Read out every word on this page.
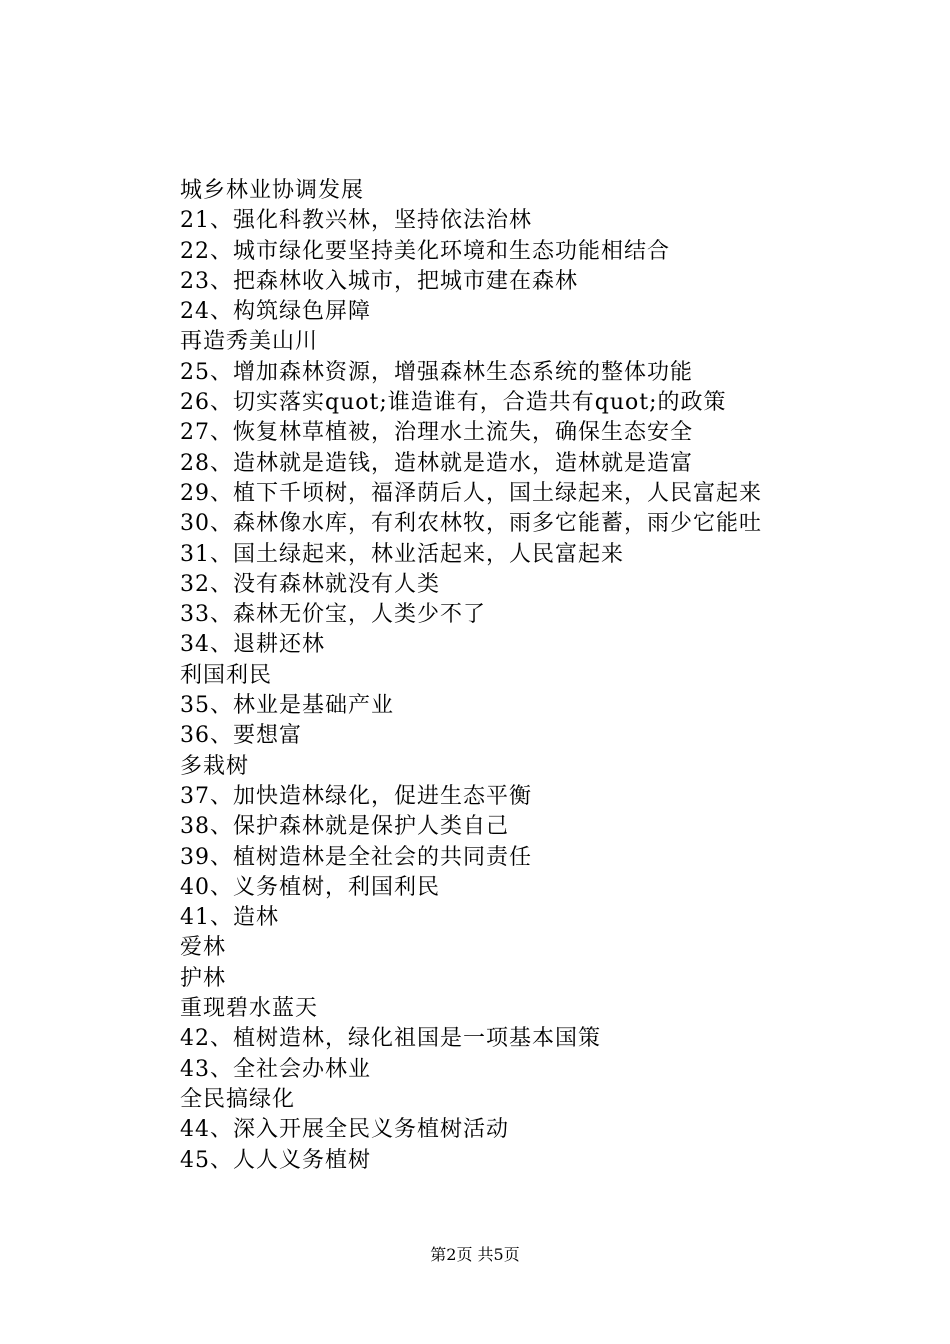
城乡林业协调发展
21、强化科教兴林，坚持依法治林
22、城市绿化要坚持美化环境和生态功能相结合
23、把森林收入城市，把城市建在森林
24、构筑绿色屏障
再造秀美山川
25、增加森林资源，增强森林生态系统的整体功能
26、切实落实quot;谁造谁有，合造共有quot;的政策
27、恢复林草植被，治理水土流失，确保生态安全
28、造林就是造钱，造林就是造水，造林就是造富
29、植下千顷树，福泽荫后人，国土绿起来，人民富起来
30、森林像水库，有利农林牧，雨多它能蓄，雨少它能吐
31、国土绿起来，林业活起来，人民富起来
32、没有森林就没有人类
33、森林无价宝，人类少不了
34、退耕还林
利国利民
35、林业是基础产业
36、要想富
多栽树
37、加快造林绿化，促进生态平衡
38、保护森林就是保护人类自己
39、植树造林是全社会的共同责任
40、义务植树，利国利民
41、造林
爱林
护林
重现碧水蓝天
42、植树造林，绿化祖国是一项基本国策
43、全社会办林业
全民搞绿化
44、深入开展全民义务植树活动
45、人人义务植树
第2页 共5页
